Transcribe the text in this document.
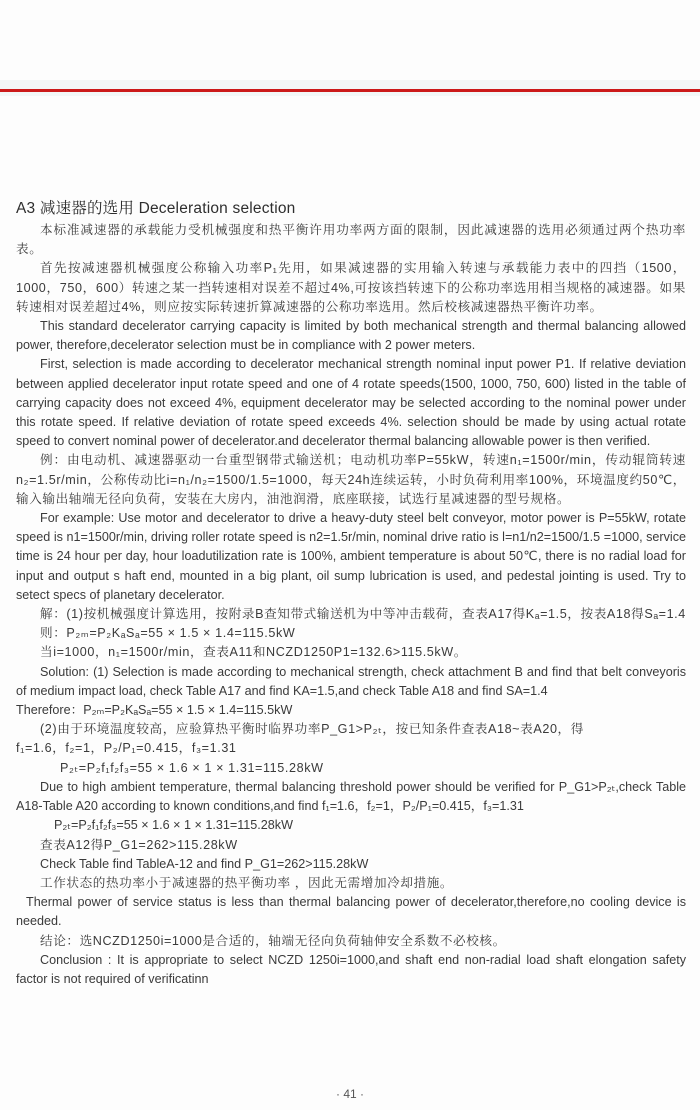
A3 减速器的选用 Deceleration selection

本标准减速器的承载能力受机械强度和热平衡许用功率两方面的限制，因此减速器的选用必须通过两个热功率表。

首先按减速器机械强度公称输入功率P₁先用，如果减速器的实用输入转速与承载能力表中的四挡（1500，1000，750，600）转速之某一挡转速相对误差不超过4%,可按该挡转速下的公称功率选用相当规格的减速器。如果转速相对误差超过4%，则应按实际转速折算减速器的公称功率选用。然后校核减速器热平衡许功率。

This standard decelerator carrying capacity is limited by both mechanical strength and thermal balancing allowed power, therefore,decelerator selection must be in compliance with 2 power meters.

First, selection is made according to decelerator mechanical strength nominal input power P1. If relative deviation between applied decelerator input rotate speed and one of 4 rotate speeds(1500, 1000, 750, 600) listed in the table of carrying capacity does not exceed 4%, equipment decelerator may be selected according to the nominal power under this rotate speed. If relative deviation of rotate speed exceeds 4%. selection should be made by using actual rotate speed to convert nominal power of decelerator.and decelerator thermal balancing allowable power is then verified.

例：由电动机、减速器驱动一台重型钢带式输送机；电动机功率P=55kW，转速n₁=1500r/min，传动辊筒转速n₂=1.5r/min，公称传动比i=n₁/n₂=1500/1.5=1000，每天24h连续运转，小时负荷利用率100%，环境温度约50℃，输入输出轴端无径向负荷，安装在大房内，油池润滑，底座联接，试选行星减速器的型号规格。

For example: Use motor and decelerator to drive a heavy-duty steel belt conveyor, motor power is P=55kW, rotate speed is n1=1500r/min, driving roller rotate speed is n2=1.5r/min, nominal drive ratio is l=n1/n2=1500/1.5 =1000, service time is 24 hour per day, hour loadutilization rate is 100%, ambient temperature is about 50℃, there is no radial load for input and output s haft end, mounted in a big plant, oil sump lubrication is used, and pedestal jointing is used. Try to setect specs of planetary decelerator.

解：(1)按机械强度计算选用，按附录B查知带式输送机为中等冲击载荷，查表A17得Kₐ=1.5，按表A18得Sₐ=1.4

则：P₂ₘ=P₂KₐSₐ=55 × 1.5 × 1.4=115.5kW

当i=1000，n₁=1500r/min，查表A11和NCZD1250P1=132.6>115.5kW。

Solution: (1) Selection is made according to mechanical strength, check attachment B and find that belt conveyoris of medium impact load, check Table A17 and find KA=1.5,and check Table A18 and find SA=1.4

Therefore：P₂ₘ=P₂KₐSₐ=55 × 1.5 × 1.4=115.5kW

(2)由于环境温度较高，应验算热平衡时临界功率P_G1>P₂ₜ，按已知条件查表A18~表A20，得

f₁=1.6，f₂=1，P₂/P₁=0.415，f₃=1.31

P₂ₜ=P₂f₁f₂f₃=55 × 1.6 × 1 × 1.31=115.28kW

Due to high ambient temperature, thermal balancing threshold power should be verified for P_G1>P₂ₜ,check Table A18-Table A20 according to known conditions,and find f₁=1.6，f₂=1，P₂/P₁=0.415，f₃=1.31

P₂ₜ=P₂f₁f₂f₃=55 × 1.6 × 1 × 1.31=115.28kW

查表A12得P_G1=262>115.28kW

Check Table find TableA-12 and find P_G1=262>115.28kW

工作状态的热功率小于减速器的热平衡功率 ，因此无需增加冷却措施。

Thermal power of service status is less than thermal balancing power of decelerator,therefore,no cooling device is needed.

结论：选NCZD1250i=1000是合适的，轴端无径向负荷轴伸安全系数不必校核。

Conclusion : It is appropriate to select NCZD 1250i=1000,and shaft end non-radial load shaft elongation safety factor is not required of verificatinn

· 41 ·
